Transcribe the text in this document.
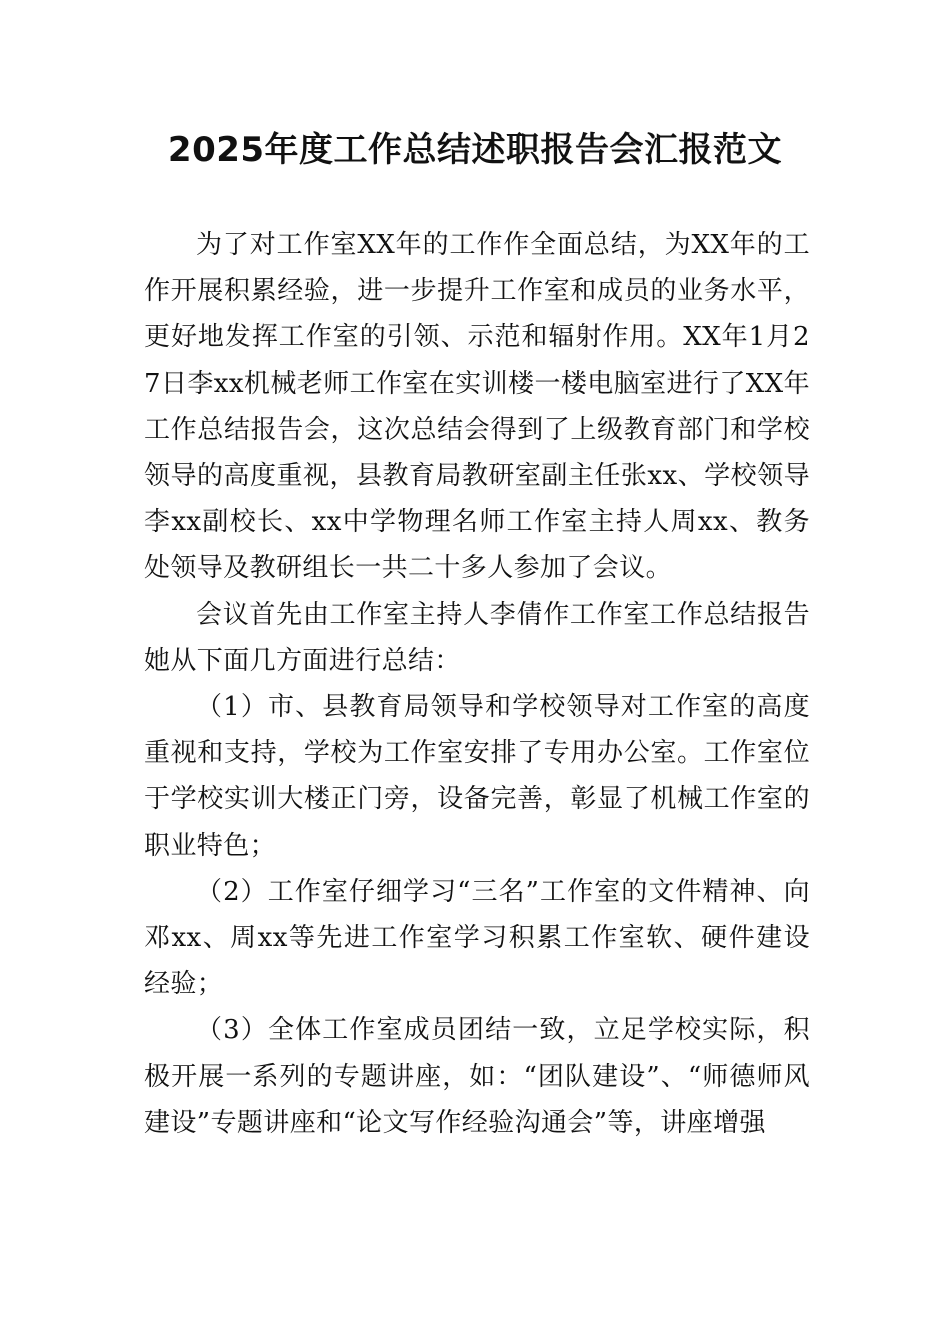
2025年度工作总结述职报告会汇报范文

为了对工作室XX年的工作作全面总结，为XX年的工作开展积累经验，进一步提升工作室和成员的业务水平，更好地发挥工作室的引领、示范和辐射作用。XX年1月27日李xx机械老师工作室在实训楼一楼电脑室进行了XX年工作总结报告会，这次总结会得到了上级教育部门和学校领导的高度重视，县教育局教研室副主任张xx、学校领导李xx副校长、xx中学物理名师工作室主持人周xx、教务处领导及教研组长一共二十多人参加了会议。

会议首先由工作室主持人李倩作工作室工作总结报告她从下面几方面进行总结：

（1）市、县教育局领导和学校领导对工作室的高度重视和支持，学校为工作室安排了专用办公室。工作室位于学校实训大楼正门旁，设备完善，彰显了机械工作室的职业特色；

（2）工作室仔细学习“三名”工作室的文件精神、向邓xx、周xx等先进工作室学习积累工作室软、硬件建设经验；

（3）全体工作室成员团结一致，立足学校实际，积极开展一系列的专题讲座，如：“团队建设”、“师德师风建设”专题讲座和“论文写作经验沟通会”等，讲座增强
